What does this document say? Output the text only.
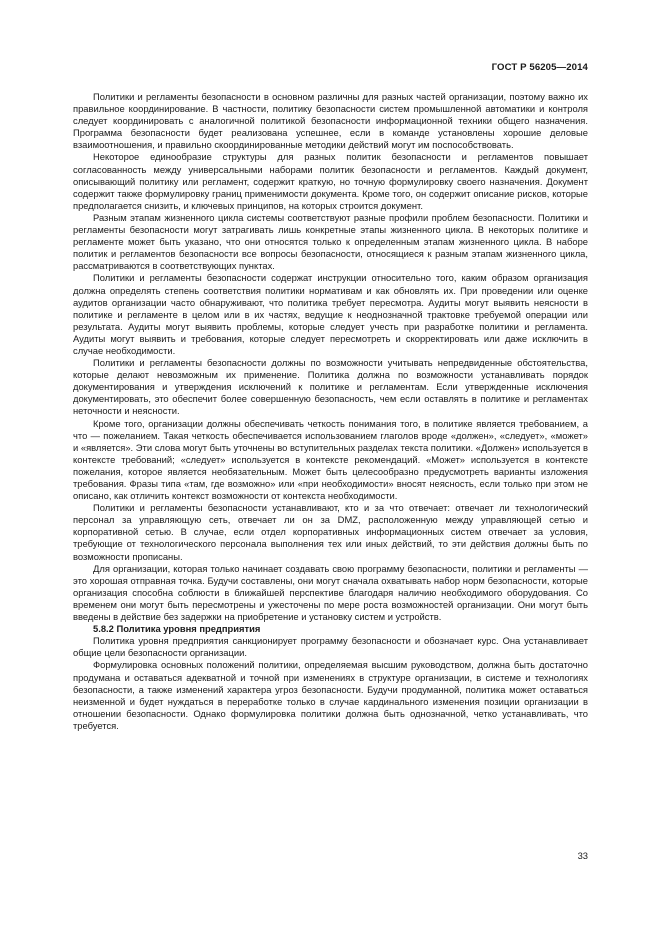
ГОСТ Р 56205—2014

Политики и регламенты безопасности в основном различны для разных частей организации, поэтому важно их правильное координирование. В частности, политику безопасности систем промышленной автоматики и контроля следует координировать с аналогичной политикой безопасности информационной техники общего назначения. Программа безопасности будет реализована успешнее, если в команде установлены хорошие деловые взаимоотношения, и правильно скоординированные методики действий могут им поспособствовать.

Некоторое единообразие структуры для разных политик безопасности и регламентов повышает согласованность между универсальными наборами политик безопасности и регламентов. Каждый документ, описывающий политику или регламент, содержит краткую, но точную формулировку своего назначения. Документ содержит также формулировку границ применимости документа. Кроме того, он содержит описание рисков, которые предполагается снизить, и ключевых принципов, на которых строится документ.

Разным этапам жизненного цикла системы соответствуют разные профили проблем безопасности. Политики и регламенты безопасности могут затрагивать лишь конкретные этапы жизненного цикла. В некоторых политике и регламенте может быть указано, что они относятся только к определенным этапам жизненного цикла. В наборе политик и регламентов безопасности все вопросы безопасности, относящиеся к разным этапам жизненного цикла, рассматриваются в соответствующих пунктах.

Политики и регламенты безопасности содержат инструкции относительно того, каким образом организация должна определять степень соответствия политики нормативам и как обновлять их. При проведении или оценке аудитов организации часто обнаруживают, что политика требует пересмотра. Аудиты могут выявить неясности в политике и регламенте в целом или в их частях, ведущие к неоднозначной трактовке требуемой операции или результата. Аудиты могут выявить проблемы, которые следует учесть при разработке политики и регламента. Аудиты могут выявить и требования, которые следует пересмотреть и скорректировать или даже исключить в случае необходимости.

Политики и регламенты безопасности должны по возможности учитывать непредвиденные обстоятельства, которые делают невозможным их применение. Политика должна по возможности устанавливать порядок документирования и утверждения исключений к политике и регламентам. Если утвержденные исключения документировать, это обеспечит более совершенную безопасность, чем если оставлять в политике и регламентах неточности и неясности.

Кроме того, организации должны обеспечивать четкость понимания того, в политике является требованием, а что — пожеланием. Такая четкость обеспечивается использованием глаголов вроде «должен», «следует», «может» и «является». Эти слова могут быть уточнены во вступительных разделах текста политики. «Должен» используется в контексте требований; «следует» используется в контексте рекомендаций. «Может» используется в контексте пожелания, которое является необязательным. Может быть целесообразно предусмотреть варианты изложения требования. Фразы типа «там, где возможно» или «при необходимости» вносят неясность, если только при этом не описано, как отличить контекст возможности от контекста необходимости.

Политики и регламенты безопасности устанавливают, кто и за что отвечает: отвечает ли технологический персонал за управляющую сеть, отвечает ли он за DMZ, расположенную между управляющей сетью и корпоративной сетью. В случае, если отдел корпоративных информационных систем отвечает за условия, требующие от технологического персонала выполнения тех или иных действий, то эти действия должны быть по возможности прописаны.

Для организации, которая только начинает создавать свою программу безопасности, политики и регламенты — это хорошая отправная точка. Будучи составлены, они могут сначала охватывать набор норм безопасности, которые организация способна соблюсти в ближайшей перспективе благодаря наличию необходимого оборудования. Со временем они могут быть пересмотрены и ужесточены по мере роста возможностей организации. Они могут быть введены в действие без задержки на приобретение и установку систем и устройств.

5.8.2 Политика уровня предприятия

Политика уровня предприятия санкционирует программу безопасности и обозначает курс. Она устанавливает общие цели безопасности организации.

Формулировка основных положений политики, определяемая высшим руководством, должна быть достаточно продумана и оставаться адекватной и точной при изменениях в структуре организации, в системе и технологиях безопасности, а также изменений характера угроз безопасности. Будучи продуманной, политика может оставаться неизменной и будет нуждаться в переработке только в случае кардинального изменения позиции организации в отношении безопасности. Однако формулировка политики должна быть однозначной, четко устанавливать, что требуется.

33
